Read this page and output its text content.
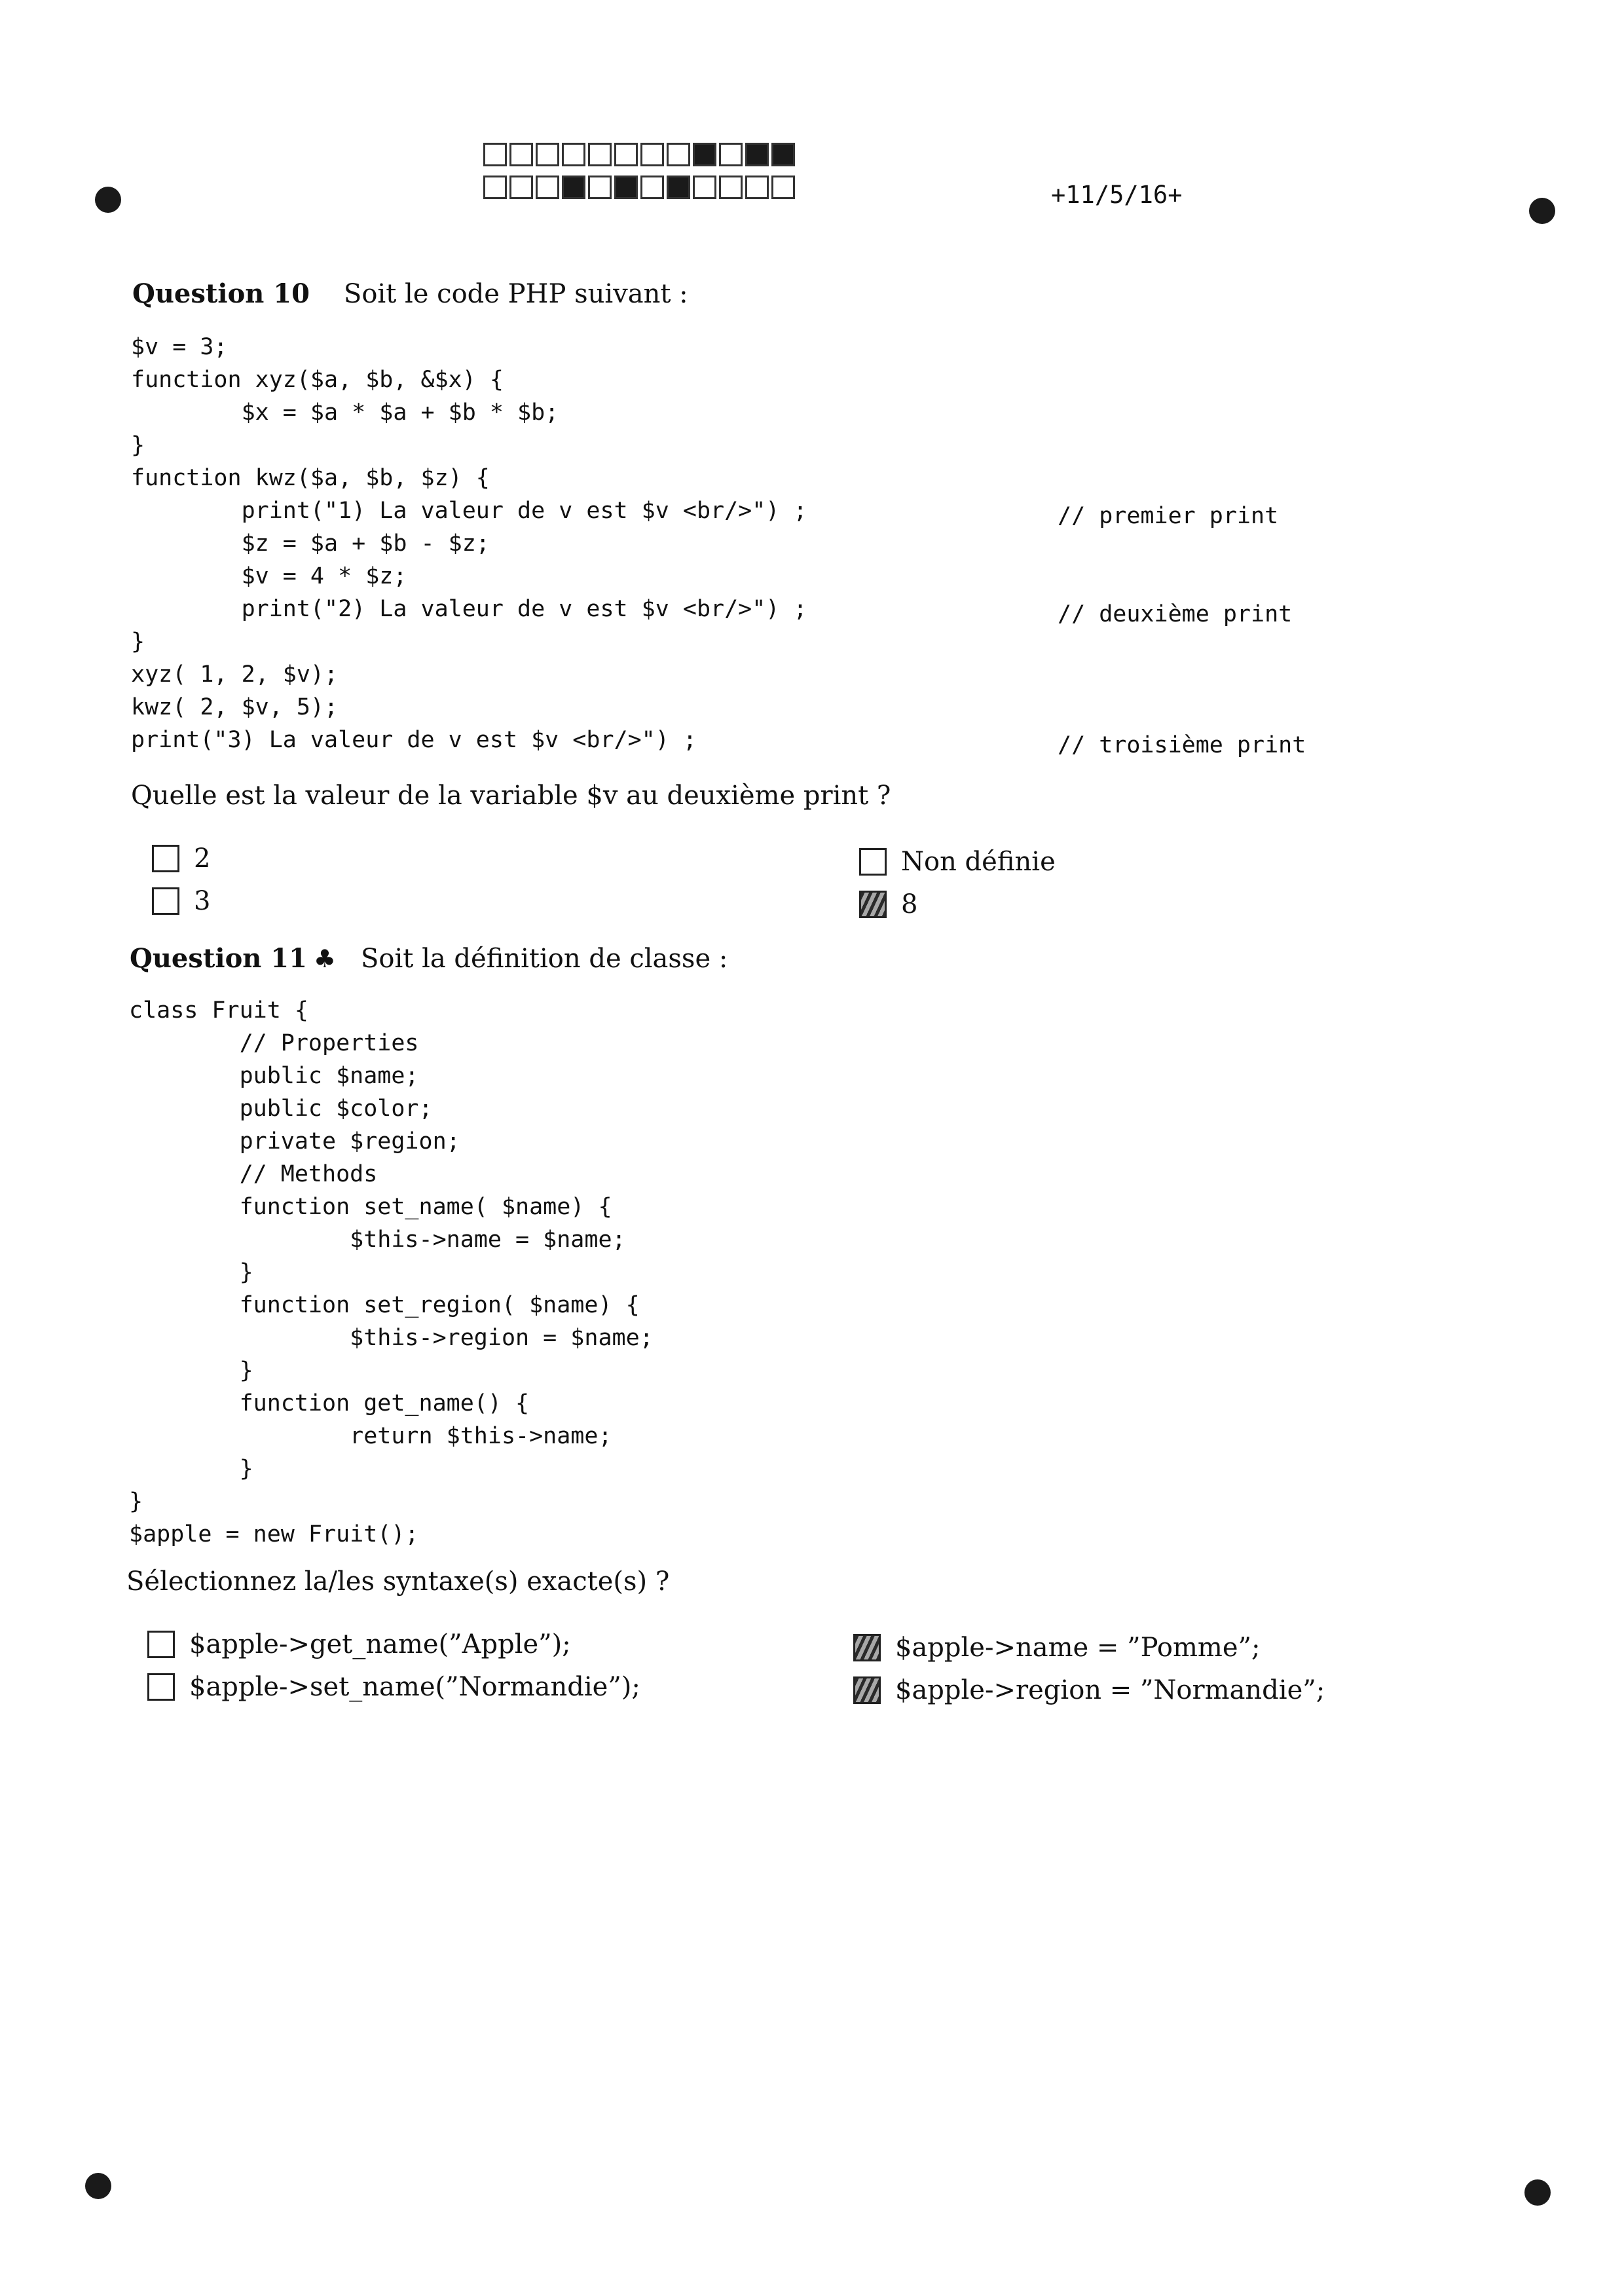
+11/5/16+
Question 10 Soit le code PHP suivant :
$v = 3;
function xyz($a, $b, &$x) {
$x = $a * $a + $b * $b;
}
function kwz($a, $b, $z) {
print("1) La valeur de v est $v <br/>") ;
$z = $a + $b - $z;
$v = 4 * $z;
print("2) La valeur de v est $v <br/>") ;
}
xyz( 1, 2, $v);
kwz( 2, $v, 5);
print("3) La valeur de v est $v <br/>") ;
// premier print
// deuxième print
// troisième print
Quelle est la valeur de la variable $v au deuxième print ?
2
3
Non définie
8
Question 11 ♣ Soit la définition de classe :
class Fruit {
// Properties
public $name;
public $color;
private $region;
// Methods
function set_name( $name) {
$this->name = $name;
}
function set_region( $name) {
$this->region = $name;
}
function get_name() {
return $this->name;
}
}
$apple = new Fruit();
Sélectionnez la/les syntaxe(s) exacte(s) ?
$apple->get_name(”Apple”);
$apple->set_name(”Normandie”);
$apple->name = ”Pomme”;
$apple->region = ”Normandie”;
